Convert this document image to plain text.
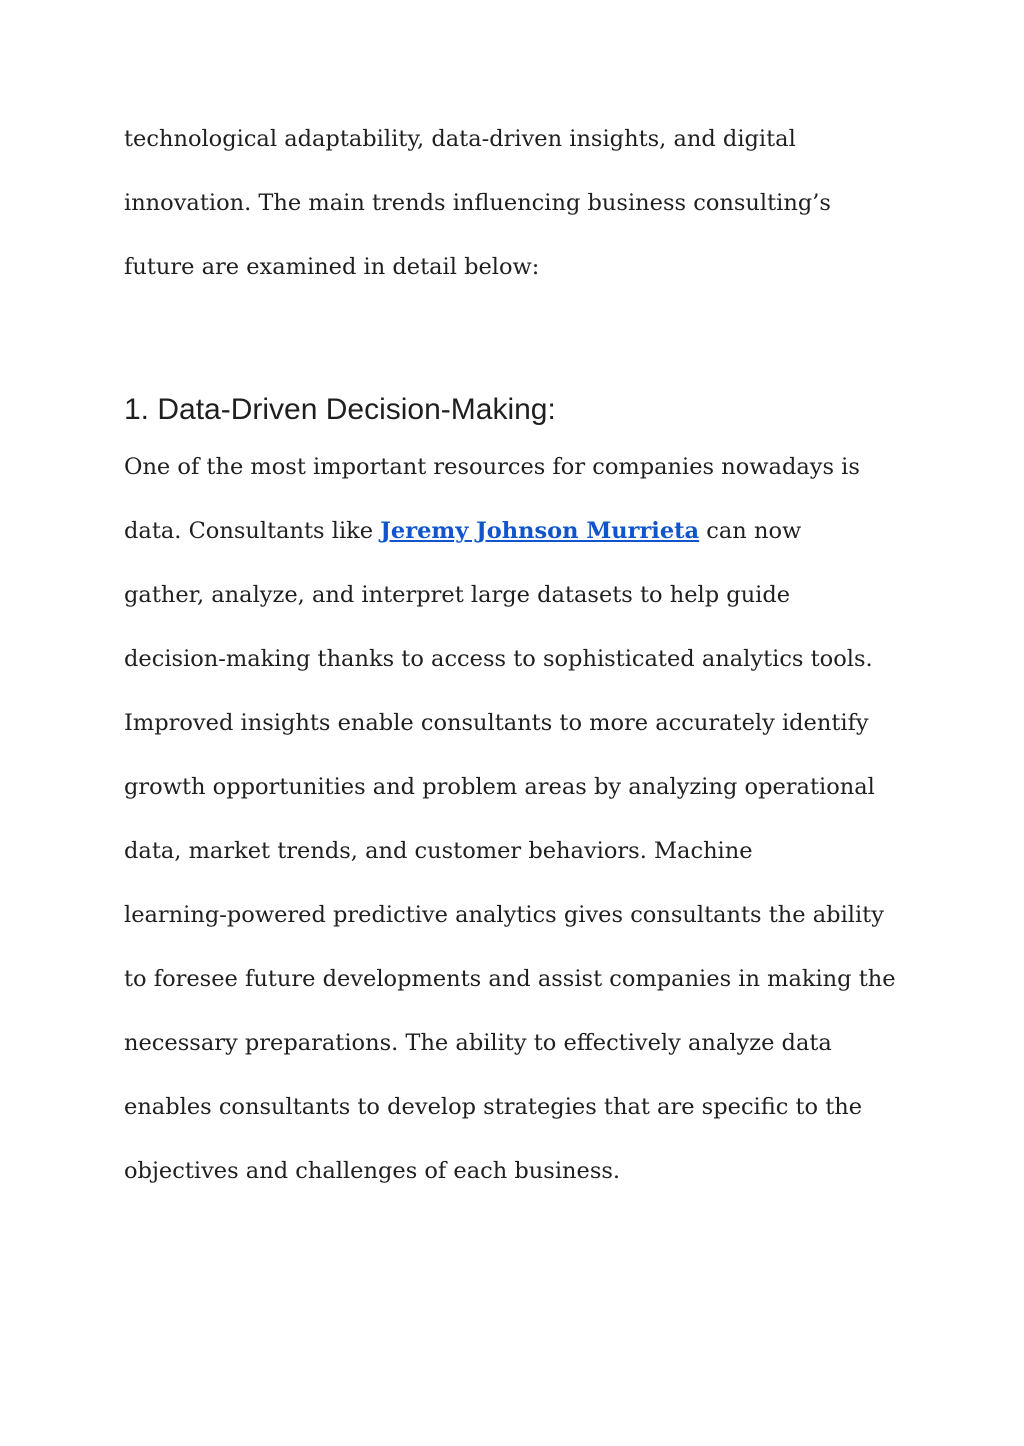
technological adaptability, data-driven insights, and digital

innovation. The main trends influencing business consulting’s

future are examined in detail below:

1. Data-Driven Decision-Making:

One of the most important resources for companies nowadays is

data. Consultants like Jeremy Johnson Murrieta can now

gather, analyze, and interpret large datasets to help guide

decision-making thanks to access to sophisticated analytics tools.

Improved insights enable consultants to more accurately identify

growth opportunities and problem areas by analyzing operational

data, market trends, and customer behaviors. Machine

learning-powered predictive analytics gives consultants the ability

to foresee future developments and assist companies in making the

necessary preparations. The ability to effectively analyze data

enables consultants to develop strategies that are specific to the

objectives and challenges of each business.
